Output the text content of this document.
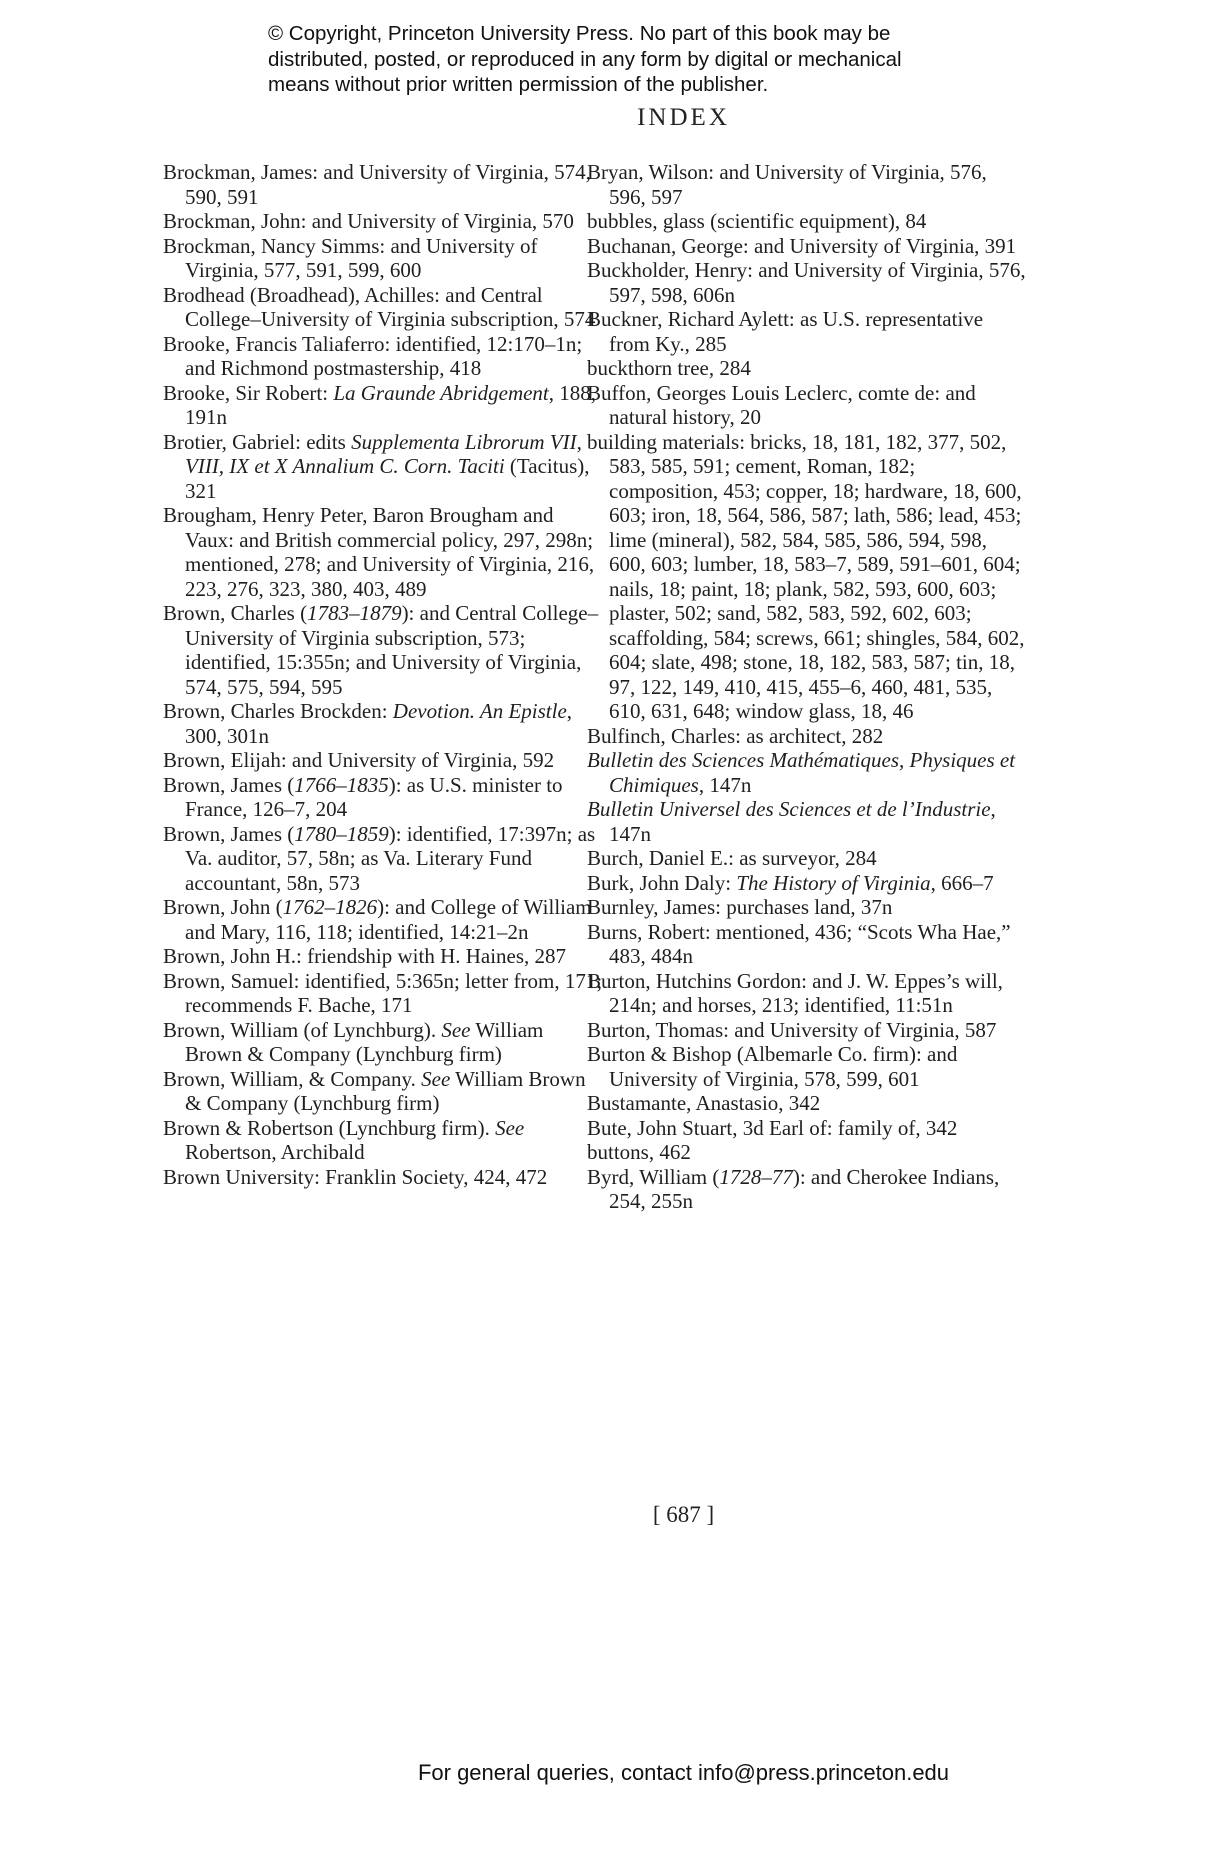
© Copyright, Princeton University Press. No part of this book may be

distributed, posted, or reproduced in any form by digital or mechanical

means without prior written permission of the publisher.

INDEX

Brockman, James: and University of Virginia, 574, 590, 591

Brockman, John: and University of Virginia, 570

Brockman, Nancy Simms: and University of Virginia, 577, 591, 599, 600

Brodhead (Broadhead), Achilles: and Central College–University of Virginia subscription, 574

Brooke, Francis Taliaferro: identified, 12:170–1n; and Richmond postmastership, 418

Brooke, Sir Robert: La Graunde Abridgement, 188, 191n

Brotier, Gabriel: edits Supplementa Librorum VII, VIII, IX et X Annalium C. Corn. Taciti (Tacitus), 321

Brougham, Henry Peter, Baron Brougham and Vaux: and British commercial policy, 297, 298n; mentioned, 278; and University of Virginia, 216, 223, 276, 323, 380, 403, 489

Brown, Charles (1783–1879): and Central College–University of Virginia subscription, 573; identified, 15:355n; and University of Virginia, 574, 575, 594, 595

Brown, Charles Brockden: Devotion. An Epistle, 300, 301n

Brown, Elijah: and University of Virginia, 592

Brown, James (1766–1835): as U.S. minister to France, 126–7, 204

Brown, James (1780–1859): identified, 17:397n; as Va. auditor, 57, 58n; as Va. Literary Fund accountant, 58n, 573

Brown, John (1762–1826): and College of William and Mary, 116, 118; identified, 14:21–2n

Brown, John H.: friendship with H. Haines, 287

Brown, Samuel: identified, 5:365n; letter from, 171; recommends F. Bache, 171

Brown, William (of Lynchburg). See William Brown & Company (Lynchburg firm)

Brown, William, & Company. See William Brown & Company (Lynchburg firm)

Brown & Robertson (Lynchburg firm). See Robertson, Archibald

Brown University: Franklin Society, 424, 472

Bryan, Wilson: and University of Virginia, 576, 596, 597

bubbles, glass (scientific equipment), 84

Buchanan, George: and University of Virginia, 391

Buckholder, Henry: and University of Virginia, 576, 597, 598, 606n

Buckner, Richard Aylett: as U.S. representative from Ky., 285

buckthorn tree, 284

Buffon, Georges Louis Leclerc, comte de: and natural history, 20

building materials: bricks, 18, 181, 182, 377, 502, 583, 585, 591; cement, Roman, 182; composition, 453; copper, 18; hardware, 18, 600, 603; iron, 18, 564, 586, 587; lath, 586; lead, 453; lime (mineral), 582, 584, 585, 586, 594, 598, 600, 603; lumber, 18, 583–7, 589, 591–601, 604; nails, 18; paint, 18; plank, 582, 593, 600, 603; plaster, 502; sand, 582, 583, 592, 602, 603; scaffolding, 584; screws, 661; shingles, 584, 602, 604; slate, 498; stone, 18, 182, 583, 587; tin, 18, 97, 122, 149, 410, 415, 455–6, 460, 481, 535, 610, 631, 648; window glass, 18, 46

Bulfinch, Charles: as architect, 282

Bulletin des Sciences Mathématiques, Physiques et Chimiques, 147n

Bulletin Universel des Sciences et de l’Industrie, 147n

Burch, Daniel E.: as surveyor, 284

Burk, John Daly: The History of Virginia, 666–7

Burnley, James: purchases land, 37n

Burns, Robert: mentioned, 436; “Scots Wha Hae,” 483, 484n

Burton, Hutchins Gordon: and J. W. Eppes’s will, 214n; and horses, 213; identified, 11:51n

Burton, Thomas: and University of Virginia, 587

Burton & Bishop (Albemarle Co. firm): and University of Virginia, 578, 599, 601

Bustamante, Anastasio, 342

Bute, John Stuart, 3d Earl of: family of, 342

buttons, 462

Byrd, William (1728–77): and Cherokee Indians, 254, 255n

[ 687 ]
For general queries, contact info@press.princeton.edu
